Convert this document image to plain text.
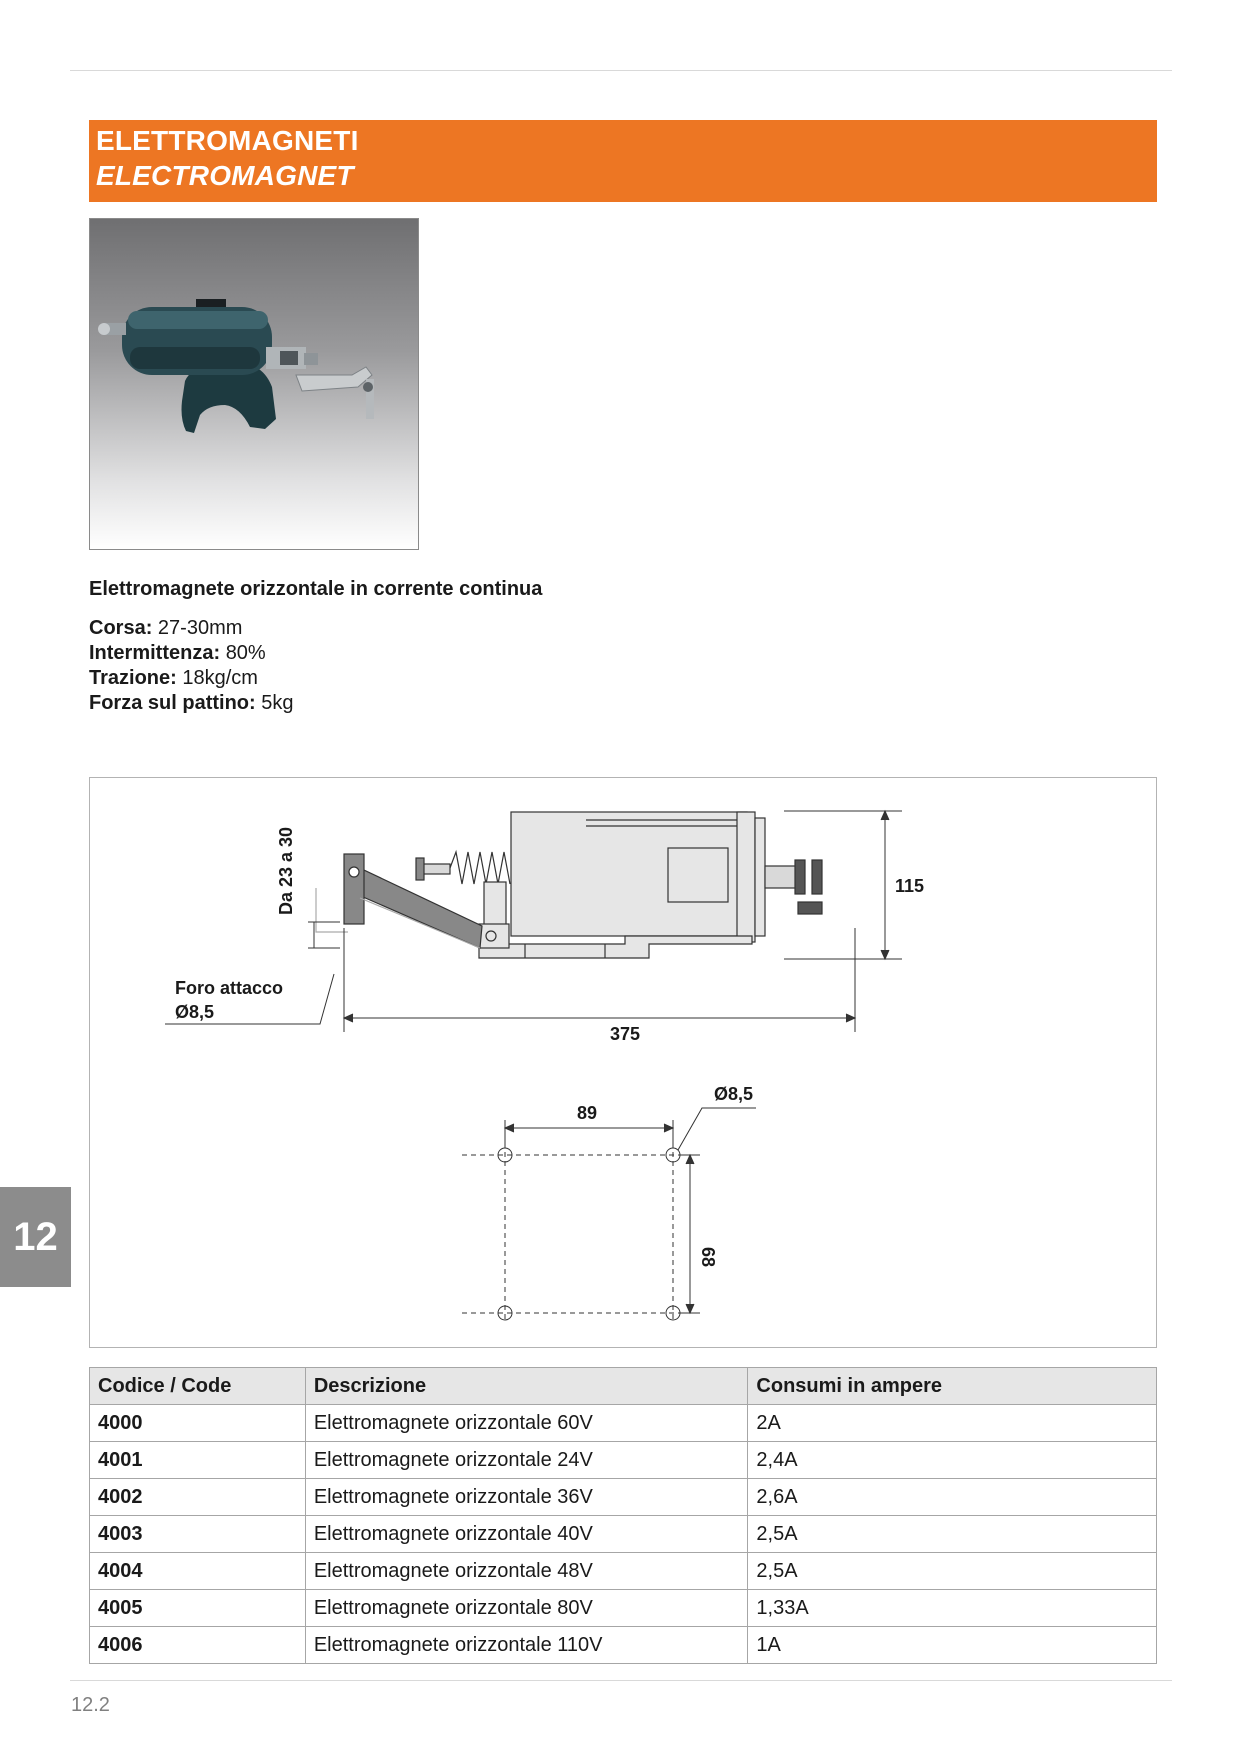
ELETTROMAGNETI
ELECTROMAGNET
Elettromagnete orizzontale in corrente continua
Corsa: 27-30mm
Intermittenza: 80%
Trazione: 18kg/cm
Forza sul pattino: 5kg
Da 23 a 30
Foro attacco
Ø8,5
115
375
89
Ø8,5
68
12
Codice / Code	Descrizione	Consumi in ampere
4000	Elettromagnete orizzontale 60V	2A
4001	Elettromagnete orizzontale 24V	2,4A
4002	Elettromagnete orizzontale 36V	2,6A
4003	Elettromagnete orizzontale 40V	2,5A
4004	Elettromagnete orizzontale 48V	2,5A
4005	Elettromagnete orizzontale 80V	1,33A
4006	Elettromagnete orizzontale 110V	1A
12.2
